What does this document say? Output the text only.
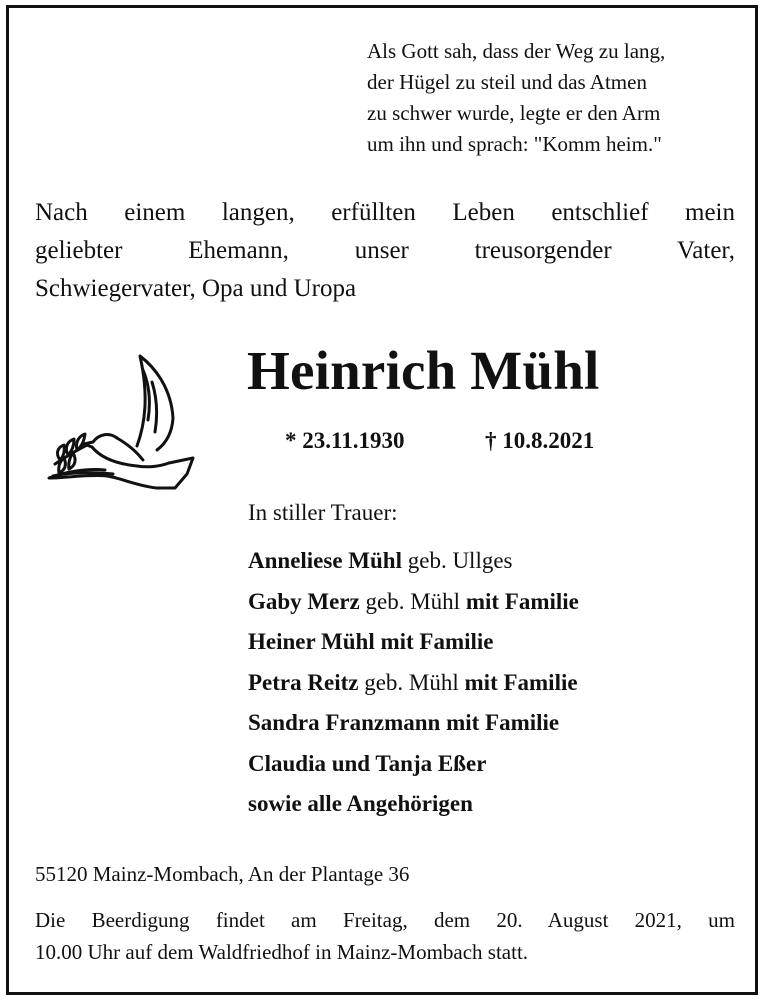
Als Gott sah, dass der Weg zu lang,
der Hügel zu steil und das Atmen
zu schwer wurde, legte er den Arm
um ihn und sprach: "Komm heim."
Nach einem langen, erfüllten Leben entschlief mein
geliebter Ehemann, unser treusorgender Vater,
Schwiegervater, Opa und Uropa
Heinrich Mühl
* 23.11.1930	† 10.8.2021
In stiller Trauer:
Anneliese Mühl geb. Ullges
Gaby Merz geb. Mühl mit Familie
Heiner Mühl mit Familie
Petra Reitz geb. Mühl mit Familie
Sandra Franzmann mit Familie
Claudia und Tanja Eßer
sowie alle Angehörigen
55120 Mainz-Mombach, An der Plantage 36
Die Beerdigung findet am Freitag, dem 20. August 2021, um
10.00 Uhr auf dem Waldfriedhof in Mainz-Mombach statt.
